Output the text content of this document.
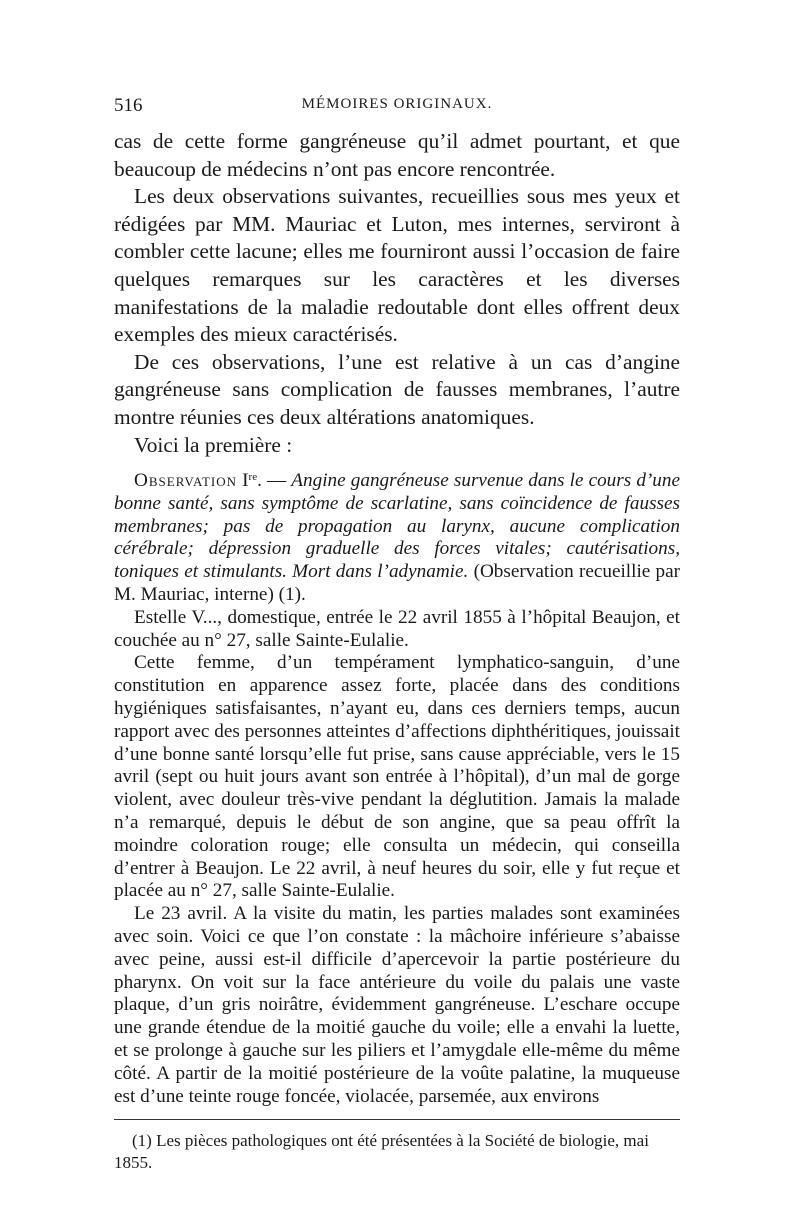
516	MÉMOIRES ORIGINAUX.

cas de cette forme gangréneuse qu’il admet pourtant, et que beaucoup de médecins n’ont pas encore rencontrée.

Les deux observations suivantes, recueillies sous mes yeux et rédigées par MM. Mauriac et Luton, mes internes, serviront à combler cette lacune; elles me fourniront aussi l’occasion de faire quelques remarques sur les caractères et les diverses manifestations de la maladie redoutable dont elles offrent deux exemples des mieux caractérisés.

De ces observations, l’une est relative à un cas d’angine gangréneuse sans complication de fausses membranes, l’autre montre réunies ces deux altérations anatomiques.

Voici la première :

Observation Ire. — Angine gangréneuse survenue dans le cours d’une bonne santé, sans symptôme de scarlatine, sans coïncidence de fausses membranes; pas de propagation au larynx, aucune complication cérébrale; dépression graduelle des forces vitales; cautérisations, toniques et stimulants. Mort dans l’adynamie. (Observation recueillie par M. Mauriac, interne) (1).

Estelle V..., domestique, entrée le 22 avril 1855 à l’hôpital Beaujon, et couchée au n° 27, salle Sainte-Eulalie.

Cette femme, d’un tempérament lymphatico-sanguin, d’une constitution en apparence assez forte, placée dans des conditions hygiéniques satisfaisantes, n’ayant eu, dans ces derniers temps, aucun rapport avec des personnes atteintes d’affections diphthéritiques, jouissait d’une bonne santé lorsqu’elle fut prise, sans cause appréciable, vers le 15 avril (sept ou huit jours avant son entrée à l’hôpital), d’un mal de gorge violent, avec douleur très-vive pendant la déglutition. Jamais la malade n’a remarqué, depuis le début de son angine, que sa peau offrît la moindre coloration rouge; elle consulta un médecin, qui conseilla d’entrer à Beaujon. Le 22 avril, à neuf heures du soir, elle y fut reçue et placée au n° 27, salle Sainte-Eulalie.

Le 23 avril. A la visite du matin, les parties malades sont examinées avec soin. Voici ce que l’on constate : la mâchoire inférieure s’abaisse avec peine, aussi est-il difficile d’apercevoir la partie postérieure du pharynx. On voit sur la face antérieure du voile du palais une vaste plaque, d’un gris noirâtre, évidemment gangréneuse. L’eschare occupe une grande étendue de la moitié gauche du voile; elle a envahi la luette, et se prolonge à gauche sur les piliers et l’amygdale elle-même du même côté. A partir de la moitié postérieure de la voûte palatine, la muqueuse est d’une teinte rouge foncée, violacée, parsemée, aux environs

(1) Les pièces pathologiques ont été présentées à la Société de biologie, mai 1855.
